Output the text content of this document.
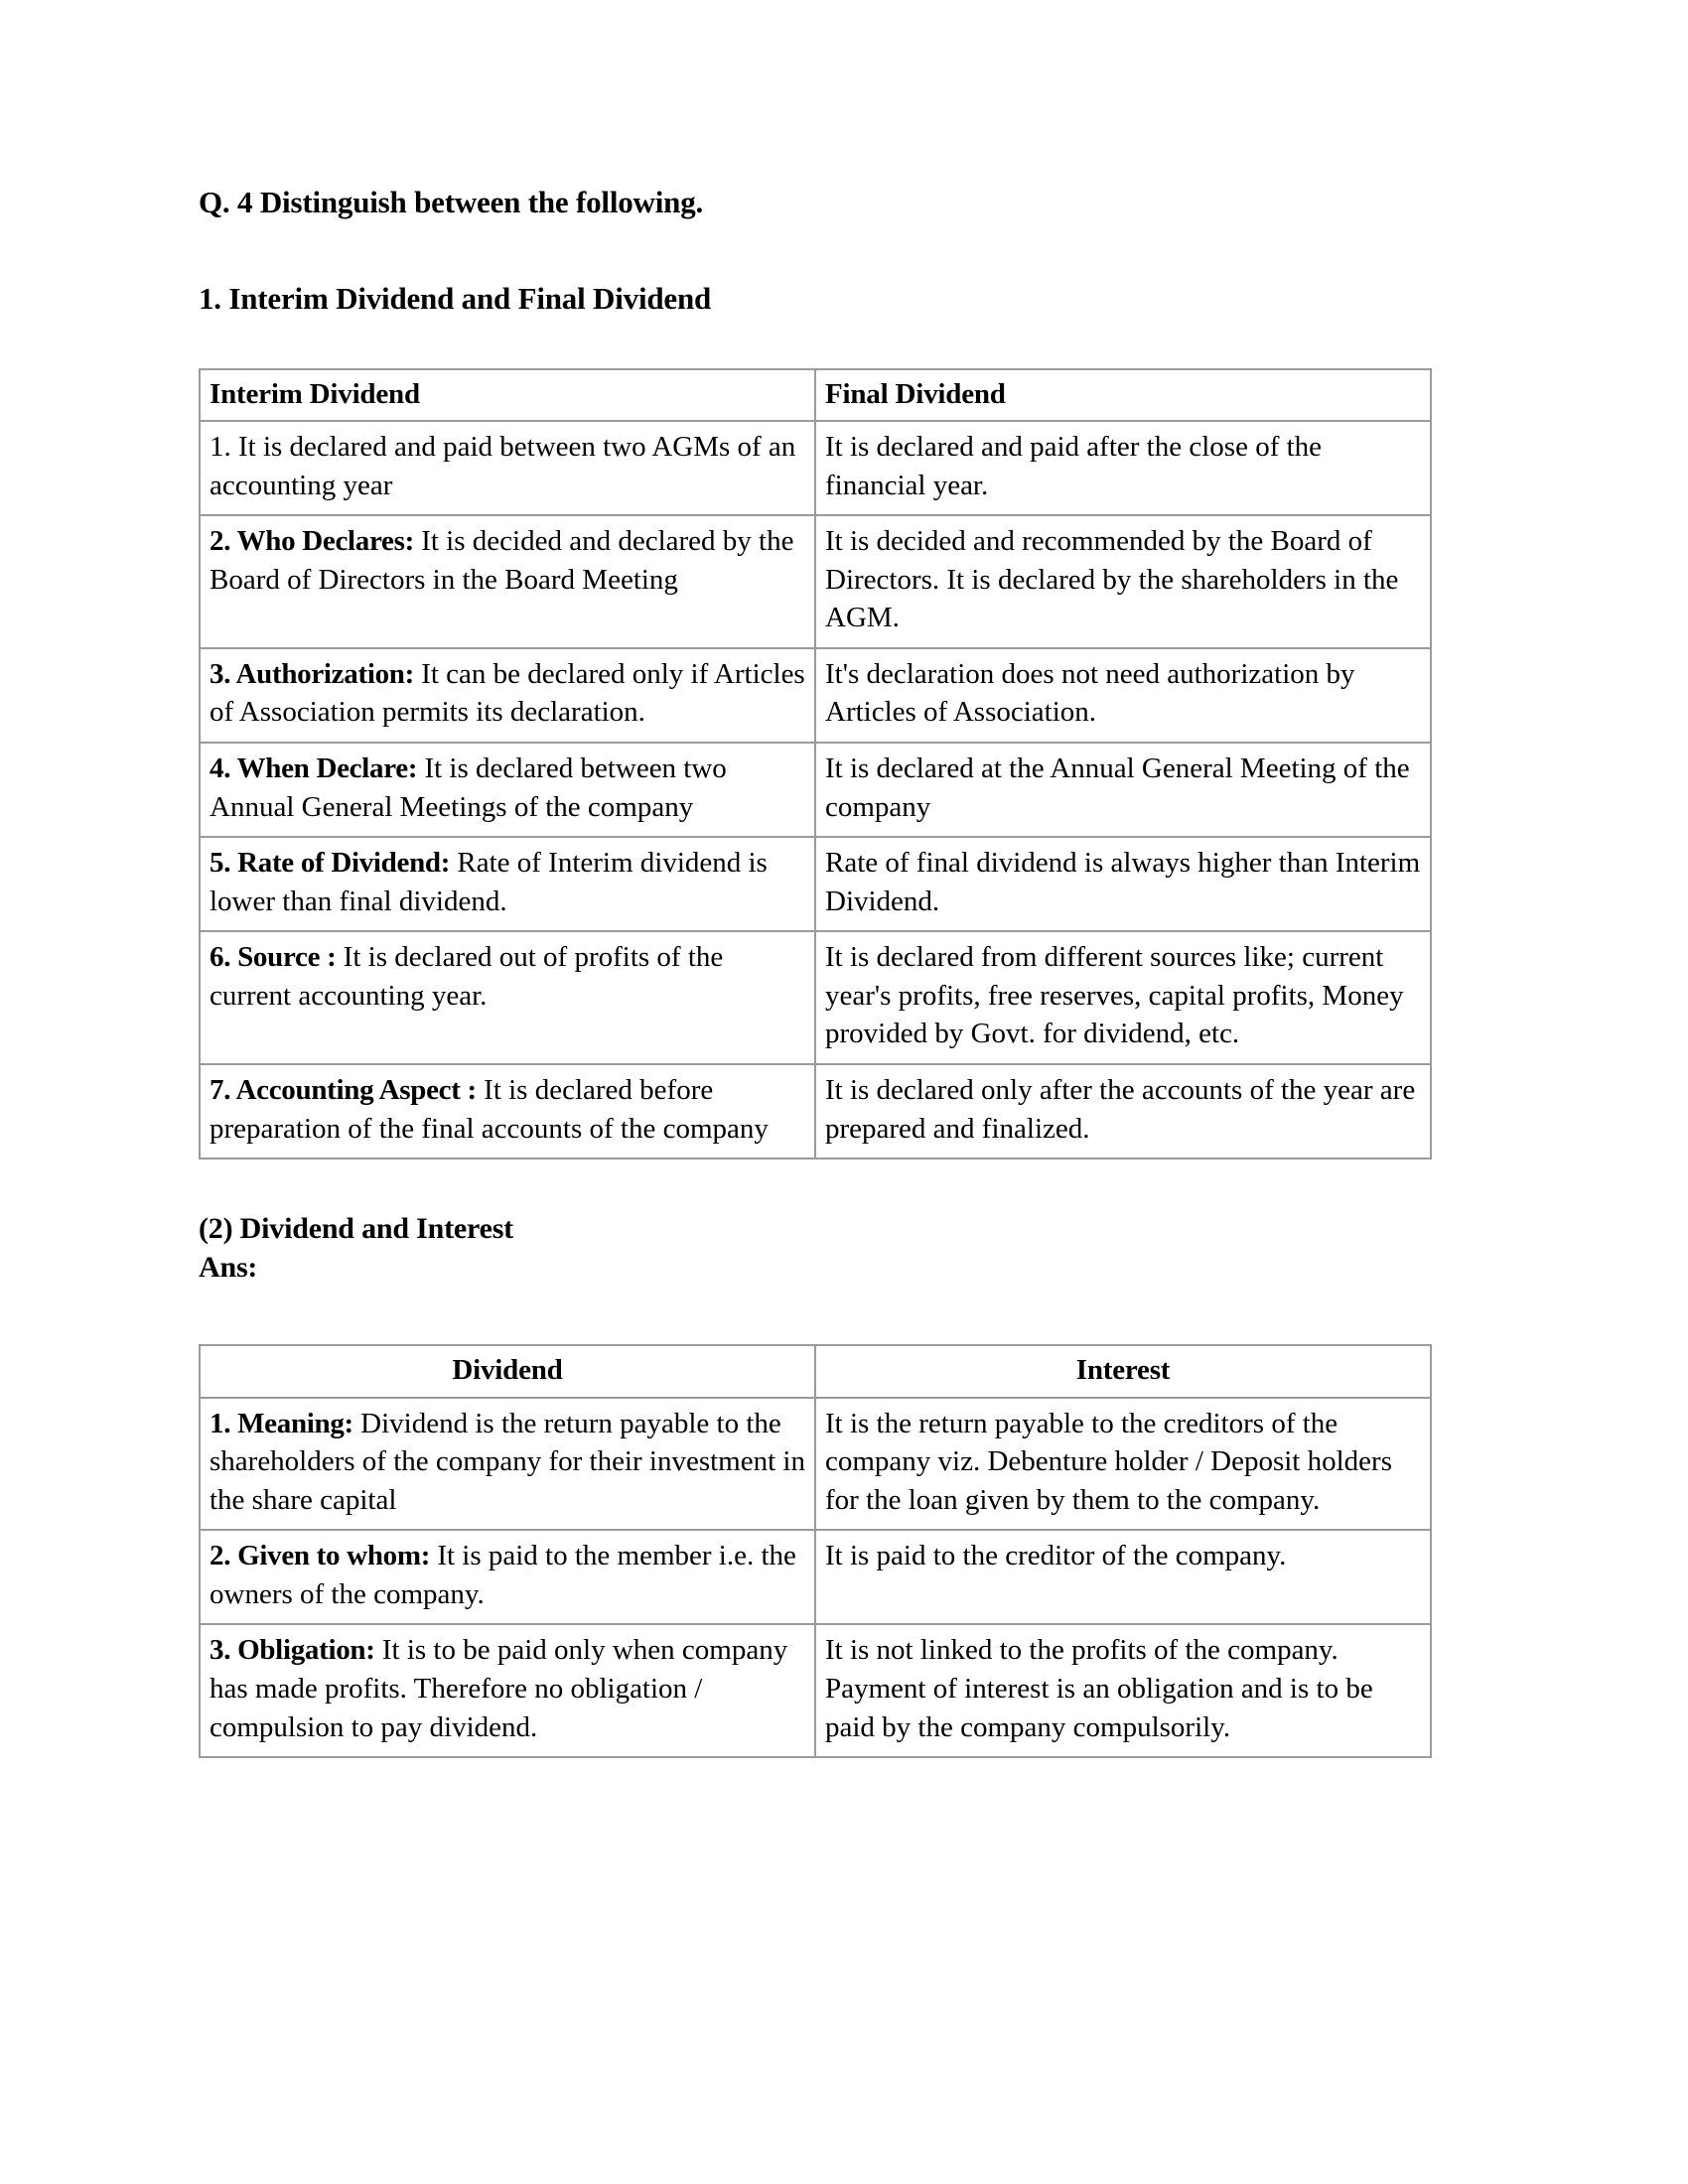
Q. 4 Distinguish between the following.
1. Interim Dividend and Final Dividend
Interim Dividend	Final Dividend
1. It is declared and paid between two AGMs of an accounting year	It is declared and paid after the close of the financial year.
2. Who Declares: It is decided and declared by the Board of Directors in the Board Meeting	It is decided and recommended by the Board of Directors. It is declared by the shareholders in the AGM.
3. Authorization: It can be declared only if Articles of Association permits its declaration.	It's declaration does not need authorization by Articles of Association.
4. When Declare: It is declared between two Annual General Meetings of the company	It is declared at the Annual General Meeting of the company
5. Rate of Dividend: Rate of Interim dividend is lower than final dividend.	Rate of final dividend is always higher than Interim Dividend.
6. Source : It is declared out of profits of the current accounting year.	It is declared from different sources like; current year's profits, free reserves, capital profits, Money provided by Govt. for dividend, etc.
7. Accounting Aspect : It is declared before preparation of the final accounts of the company	It is declared only after the accounts of the year are prepared and finalized.
(2) Dividend and Interest
Ans:
Dividend	Interest
1. Meaning: Dividend is the return payable to the shareholders of the company for their investment in the share capital	It is the return payable to the creditors of the company viz. Debenture holder / Deposit holders for the loan given by them to the company.
2. Given to whom: It is paid to the member i.e. the owners of the company.	It is paid to the creditor of the company.
3. Obligation: It is to be paid only when company has made profits. Therefore no obligation / compulsion to pay dividend.	It is not linked to the profits of the company. Payment of interest is an obligation and is to be paid by the company compulsorily.
